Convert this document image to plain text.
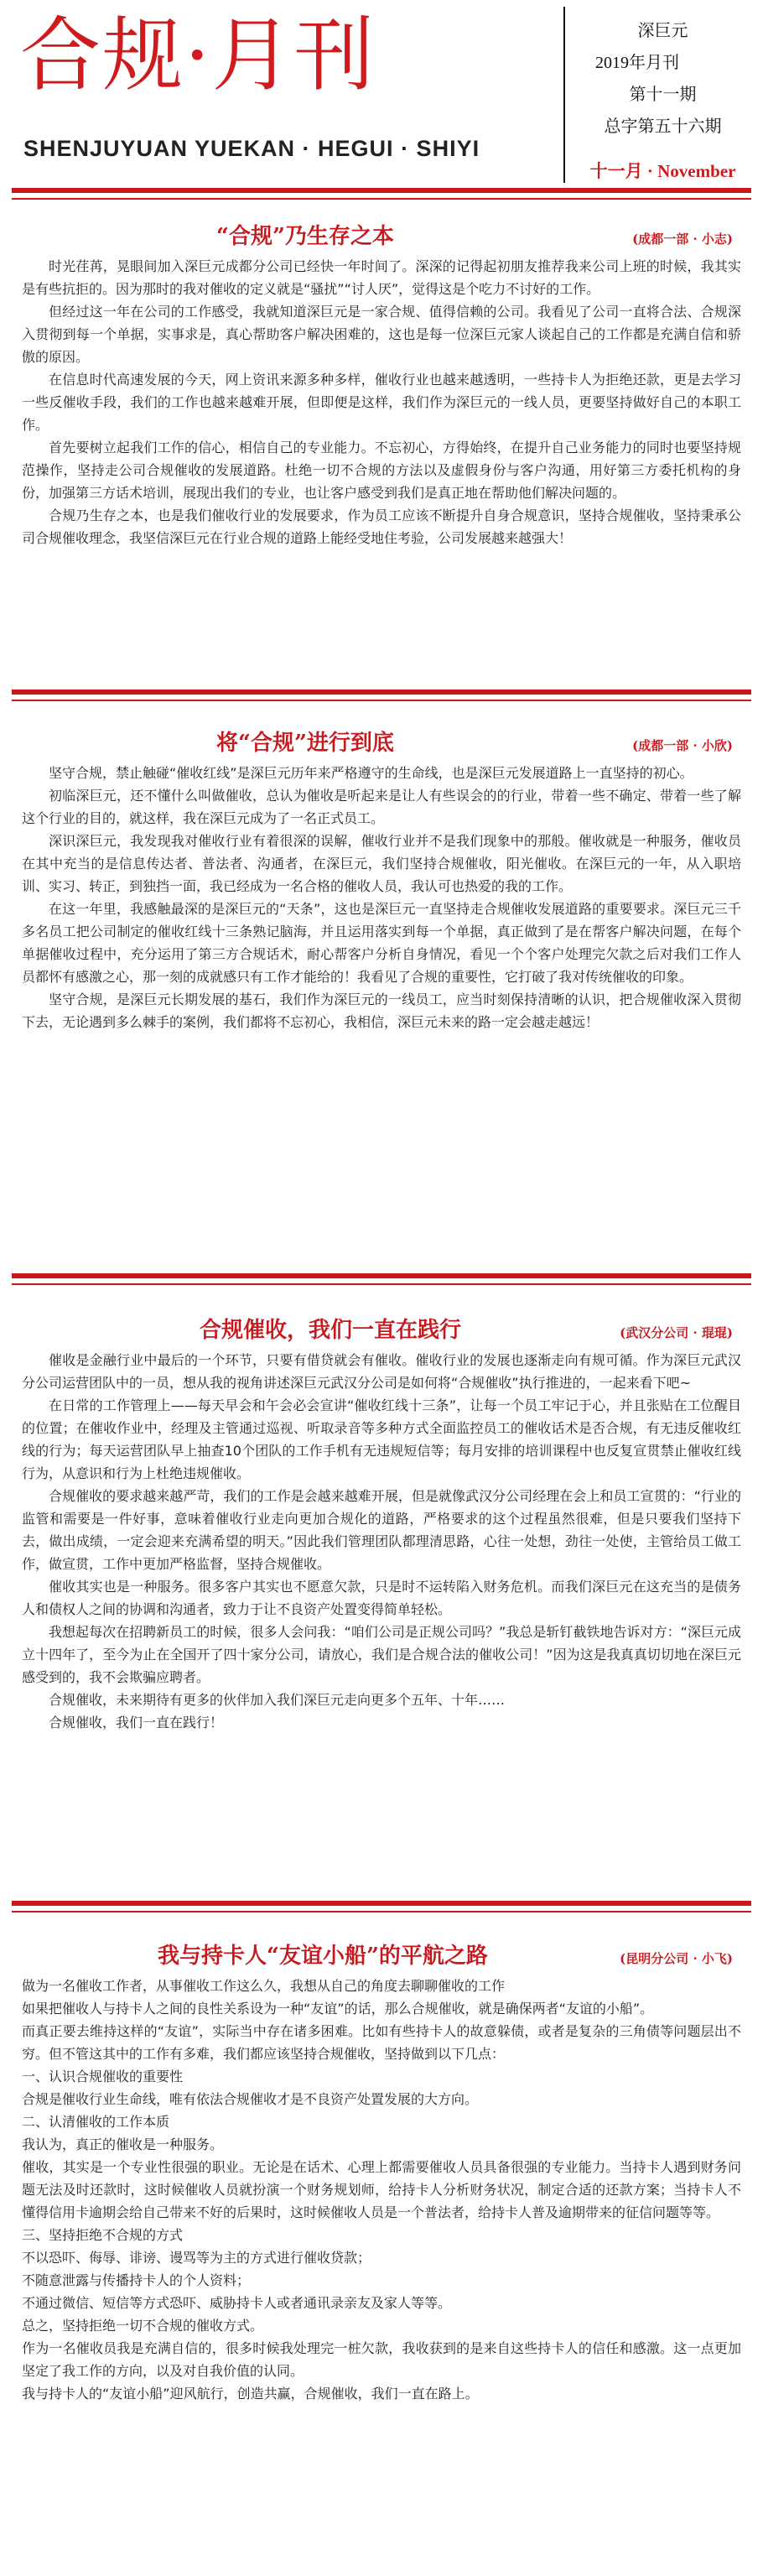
合规·月刊
SHENJUYUAN YUEKAN · HEGUI · SHIYI
深巨元
2019年月刊
第十一期
总字第五十六期
十一月 · November
“合规”乃生存之本	(成都一部 · 小志)

时光荏苒，晃眼间加入深巨元成都分公司已经快一年时间了。深深的记得起初朋友推荐我来公司上班的时候，我其实是有些抗拒的。因为那时的我对催收的定义就是“骚扰”“讨人厌”，觉得这是个吃力不讨好的工作。

但经过这一年在公司的工作感受，我就知道深巨元是一家合规、值得信赖的公司。我看见了公司一直将合法、合规深入贯彻到每一个单据，实事求是，真心帮助客户解决困难的，这也是每一位深巨元家人谈起自己的工作都是充满自信和骄傲的原因。

在信息时代高速发展的今天，网上资讯来源多种多样，催收行业也越来越透明，一些持卡人为拒绝还款，更是去学习一些反催收手段，我们的工作也越来越难开展，但即便是这样，我们作为深巨元的一线人员，更要坚持做好自己的本职工作。

首先要树立起我们工作的信心，相信自己的专业能力。不忘初心，方得始终，在提升自己业务能力的同时也要坚持规范操作，坚持走公司合规催收的发展道路。杜绝一切不合规的方法以及虚假身份与客户沟通，用好第三方委托机构的身份，加强第三方话术培训，展现出我们的专业，也让客户感受到我们是真正地在帮助他们解决问题的。

合规乃生存之本，也是我们催收行业的发展要求，作为员工应该不断提升自身合规意识，坚持合规催收，坚持秉承公司合规催收理念，我坚信深巨元在行业合规的道路上能经受地住考验，公司发展越来越强大！

将“合规”进行到底	(成都一部 · 小欣)

坚守合规，禁止触碰“催收红线”是深巨元历年来严格遵守的生命线，也是深巨元发展道路上一直坚持的初心。

初临深巨元，还不懂什么叫做催收，总认为催收是听起来是让人有些误会的的行业，带着一些不确定、带着一些了解这个行业的目的，就这样，我在深巨元成为了一名正式员工。

深识深巨元，我发现我对催收行业有着很深的误解，催收行业并不是我们现象中的那般。催收就是一种服务，催收员在其中充当的是信息传达者、普法者、沟通者，在深巨元，我们坚持合规催收，阳光催收。在深巨元的一年，从入职培训、实习、转正，到独挡一面，我已经成为一名合格的催收人员，我认可也热爱的我的工作。

在这一年里，我感触最深的是深巨元的“天条”，这也是深巨元一直坚持走合规催收发展道路的重要要求。深巨元三千多名员工把公司制定的催收红线十三条熟记脑海，并且运用落实到每一个单据，真正做到了是在帮客户解决问题，在每个单据催收过程中，充分运用了第三方合规话术，耐心帮客户分析自身情况，看见一个个客户处理完欠款之后对我们工作人员都怀有感激之心，那一刻的成就感只有工作才能给的！我看见了合规的重要性，它打破了我对传统催收的印象。

坚守合规，是深巨元长期发展的基石，我们作为深巨元的一线员工，应当时刻保持清晰的认识，把合规催收深入贯彻下去，无论遇到多么棘手的案例，我们都将不忘初心，我相信，深巨元未来的路一定会越走越远！

合规催收，我们一直在践行	(武汉分公司 · 琨琨)

催收是金融行业中最后的一个环节，只要有借贷就会有催收。催收行业的发展也逐渐走向有规可循。作为深巨元武汉分公司运营团队中的一员，想从我的视角讲述深巨元武汉分公司是如何将“合规催收”执行推进的，一起来看下吧~

在日常的工作管理上——每天早会和午会必会宣讲“催收红线十三条”，让每一个员工牢记于心，并且张贴在工位醒目的位置；在催收作业中，经理及主管通过巡视、听取录音等多种方式全面监控员工的催收话术是否合规，有无违反催收红线的行为；每天运营团队早上抽查10个团队的工作手机有无违规短信等；每月安排的培训课程中也反复宣贯禁止催收红线行为，从意识和行为上杜绝违规催收。

合规催收的要求越来越严苛，我们的工作是会越来越难开展，但是就像武汉分公司经理在会上和员工宣贯的：“行业的监管和需要是一件好事，意味着催收行业走向更加合规化的道路，严格要求的这个过程虽然很难，但是只要我们坚持下去，做出成绩，一定会迎来充满希望的明天。”因此我们管理团队都理清思路，心往一处想，劲往一处使，主管给员工做工作，做宣贯，工作中更加严格监督，坚持合规催收。

催收其实也是一种服务。很多客户其实也不愿意欠款，只是时不运转陷入财务危机。而我们深巨元在这充当的是债务人和债权人之间的协调和沟通者，致力于让不良资产处置变得简单轻松。

我想起每次在招聘新员工的时候，很多人会问我：“咱们公司是正规公司吗？”我总是斩钉截铁地告诉对方：“深巨元成立十四年了，至今为止在全国开了四十家分公司，请放心，我们是合规合法的催收公司！”因为这是我真真切切地在深巨元感受到的，我不会欺骗应聘者。

合规催收，未来期待有更多的伙伴加入我们深巨元走向更多个五年、十年……

合规催收，我们一直在践行！

我与持卡人“友谊小船”的平航之路	(昆明分公司 · 小飞)

做为一名催收工作者，从事催收工作这么久，我想从自己的角度去聊聊催收的工作

如果把催收人与持卡人之间的良性关系设为一种“友谊”的话，那么合规催收，就是确保两者“友谊的小船”。

而真正要去维持这样的“友谊”，实际当中存在诸多困难。比如有些持卡人的故意躲债，或者是复杂的三角债等问题层出不穷。但不管这其中的工作有多难，我们都应该坚持合规催收，坚持做到以下几点：

一、认识合规催收的重要性

合规是催收行业生命线，唯有依法合规催收才是不良资产处置发展的大方向。

二、认清催收的工作本质

我认为，真正的催收是一种服务。

催收，其实是一个专业性很强的职业。无论是在话术、心理上都需要催收人员具备很强的专业能力。当持卡人遇到财务问题无法及时还款时，这时候催收人员就扮演一个财务规划师，给持卡人分析财务状况，制定合适的还款方案；当持卡人不懂得信用卡逾期会给自己带来不好的后果时，这时候催收人员是一个普法者，给持卡人普及逾期带来的征信问题等等。

三、坚持拒绝不合规的方式

不以恐吓、侮辱、诽谤、谩骂等为主的方式进行催收贷款；

不随意泄露与传播持卡人的个人资料；

不通过微信、短信等方式恐吓、威胁持卡人或者通讯录亲友及家人等等。

总之，坚持拒绝一切不合规的催收方式。

作为一名催收员我是充满自信的，很多时候我处理完一桩欠款，我收获到的是来自这些持卡人的信任和感激。这一点更加坚定了我工作的方向，以及对自我价值的认同。

我与持卡人的“友谊小船”迎风航行，创造共赢，合规催收，我们一直在路上。
